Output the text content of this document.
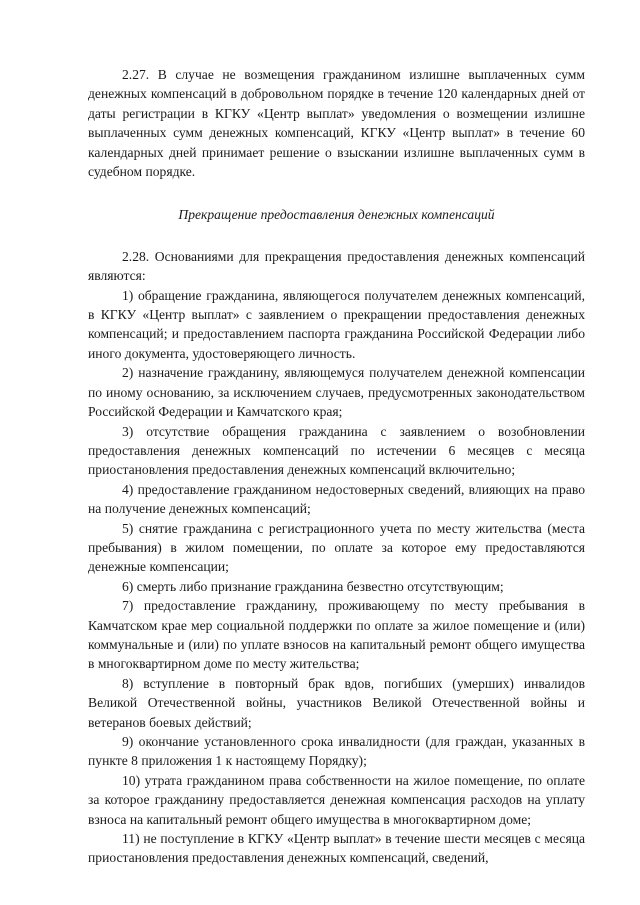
2.27. В случае не возмещения гражданином излишне выплаченных сумм денежных компенсаций в добровольном порядке в течение 120 календарных дней от даты регистрации в КГКУ «Центр выплат» уведомления о возмещении излишне выплаченных сумм денежных компенсаций, КГКУ «Центр выплат» в течение 60 календарных дней принимает решение о взыскании излишне выплаченных сумм в судебном порядке.

Прекращение предоставления денежных компенсаций

2.28. Основаниями для прекращения предоставления денежных компенсаций являются:

1) обращение гражданина, являющегося получателем денежных компенсаций, в КГКУ «Центр выплат» с заявлением о прекращении предоставления денежных компенсаций; и предоставлением паспорта гражданина Российской Федерации либо иного документа, удостоверяющего личность.

2) назначение гражданину, являющемуся получателем денежной компенсации по иному основанию, за исключением случаев, предусмотренных законодательством Российской Федерации и Камчатского края;

3) отсутствие обращения гражданина с заявлением о возобновлении предоставления денежных компенсаций по истечении 6 месяцев с месяца приостановления предоставления денежных компенсаций включительно;

4) предоставление гражданином недостоверных сведений, влияющих на право на получение денежных компенсаций;

5) снятие гражданина с регистрационного учета по месту жительства (места пребывания) в жилом помещении, по оплате за которое ему предоставляются денежные компенсации;

6) смерть либо признание гражданина безвестно отсутствующим;

7) предоставление гражданину, проживающему по месту пребывания в Камчатском крае мер социальной поддержки по оплате за жилое помещение и (или) коммунальные и (или) по уплате взносов на капитальный ремонт общего имущества в многоквартирном доме по месту жительства;

8) вступление в повторный брак вдов, погибших (умерших) инвалидов Великой Отечественной войны, участников Великой Отечественной войны и ветеранов боевых действий;

9) окончание установленного срока инвалидности (для граждан, указанных в пункте 8 приложения 1 к настоящему Порядку);

10) утрата гражданином права собственности на жилое помещение, по оплате за которое гражданину предоставляется денежная компенсация расходов на уплату взноса на капитальный ремонт общего имущества в многоквартирном доме;

11) не поступление в КГКУ «Центр выплат» в течение шести месяцев с месяца приостановления предоставления денежных компенсаций, сведений,
